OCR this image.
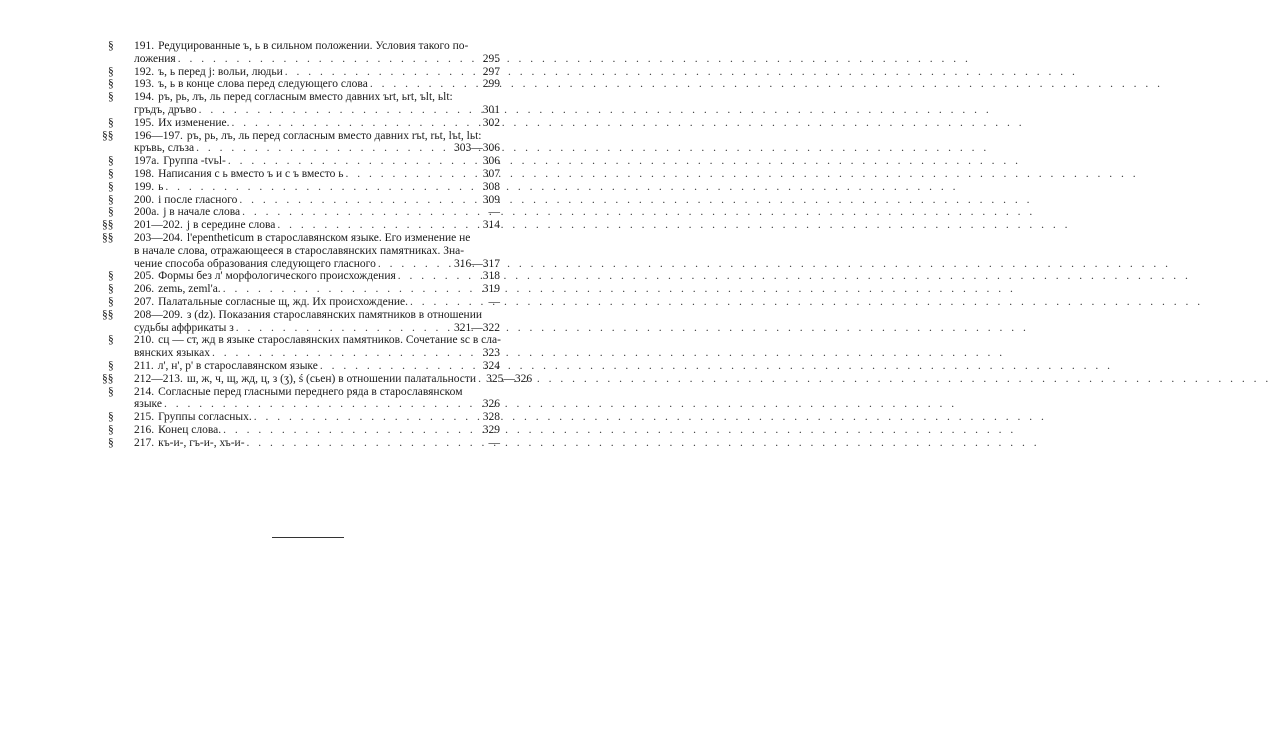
§	191. Редуцированные ъ, ь в сильном положении. Условия такого по-
ложения . . .	295
§	192. ъ, ь перед j: вольи, людьи . . .	297
§	193. ъ, ь в конце слова перед следующего слова . . .	299
§	194. ръ, рь, лъ, ль перед согласным вместо давних ъrt, ьrt, ъlt, ьlt:
гръдъ, дръво . . .	301
§	195. Их изменение. . . .	302
§§	196—197. ръ, рь, лъ, ль перед согласным вместо давних rъt, rьt, lъt, lьt:
кръвь, слъза . . .	303—306
§	197а. Группа -tvьl- . . .	306
§	198. Написания с ь вместо ъ и с ъ вместо ь . . .	307
§	199. ь . . .	308
§	200. i после гласного . . .	309
§	200а. j в начале слова . . .	—
§§	201—202. j в середине слова . . .	314
§§	203—204. l'epentheticum в старославянском языке. Его изменение не
в начале слова, отражающееся в старославянских памятниках. Зна-
чение способа образования следующего гласного . . .	316—317
§	205. Формы без л' морфологического происхождения . . .	318
§	206. zemь, zeml'a. . . .	319
§	207. Палатальные согласные щ, жд. Их происхождение. . . .	—
§§	208—209. з (dz). Показания старославянских памятников в отношении
судьбы аффрикаты з . . .	321—322
§	210. сц — ст, жд в языке старославянских памятников. Сочетание sc в сла-
вянских языках . . .	323
§	211. л', н', р' в старославянском языке . . .	324
§§	212—213. ш, ж, ч, щ, жд, ц, з (ʒ), ś (сьен) в отношении палатальности . . . 325—326
§	214. Согласные перед гласными переднего ряда в старославянском
языке . . .	326
§	215. Группы согласных. . . .	328
§	216. Конец слова. . . .	329
§	217. къ-и-, гъ-и-, хъ-и- . . .	—
